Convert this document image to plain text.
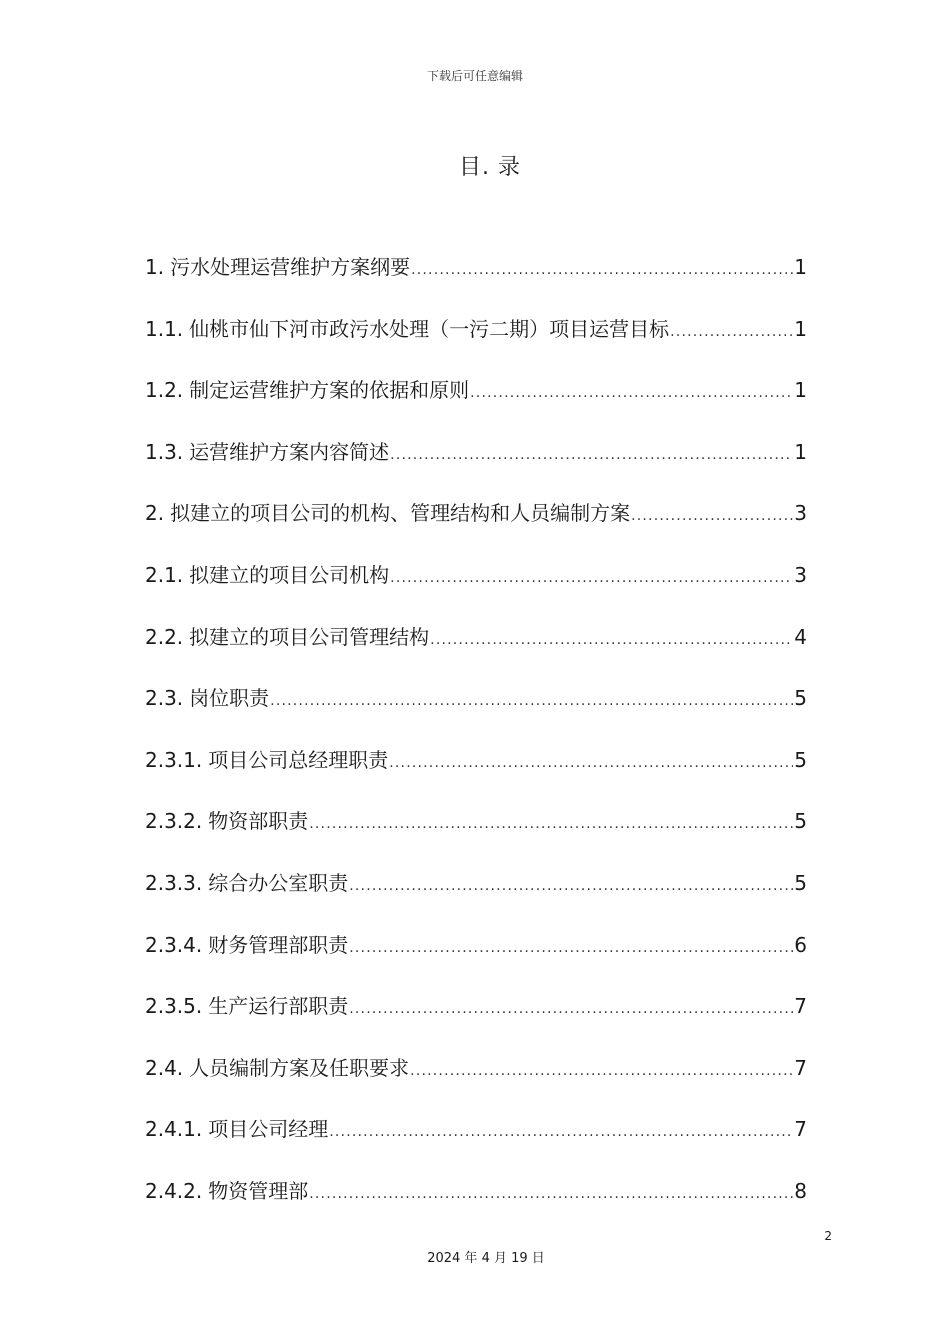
下载后可任意编辑
目. 录
1. 污水处理运营维护方案纲要 .....	1
1.1. 仙桃市仙下河市政污水处理（一污二期）项目运营目标 .....	1
1.2. 制定运营维护方案的依据和原则 .....	1
1.3. 运营维护方案内容简述 .....	1
2. 拟建立的项目公司的机构、管理结构和人员编制方案 .....	3
2.1. 拟建立的项目公司机构 .....	3
2.2. 拟建立的项目公司管理结构 .....	4
2.3. 岗位职责 .....	5
2.3.1. 项目公司总经理职责 .....	5
2.3.2. 物资部职责 .....	5
2.3.3. 综合办公室职责 .....	5
2.3.4. 财务管理部职责 .....	6
2.3.5. 生产运行部职责 .....	7
2.4. 人员编制方案及任职要求 .....	7
2.4.1. 项目公司经理 .....	7
2.4.2. 物资管理部 .....	8
2
2024 年 4 月 19 日
